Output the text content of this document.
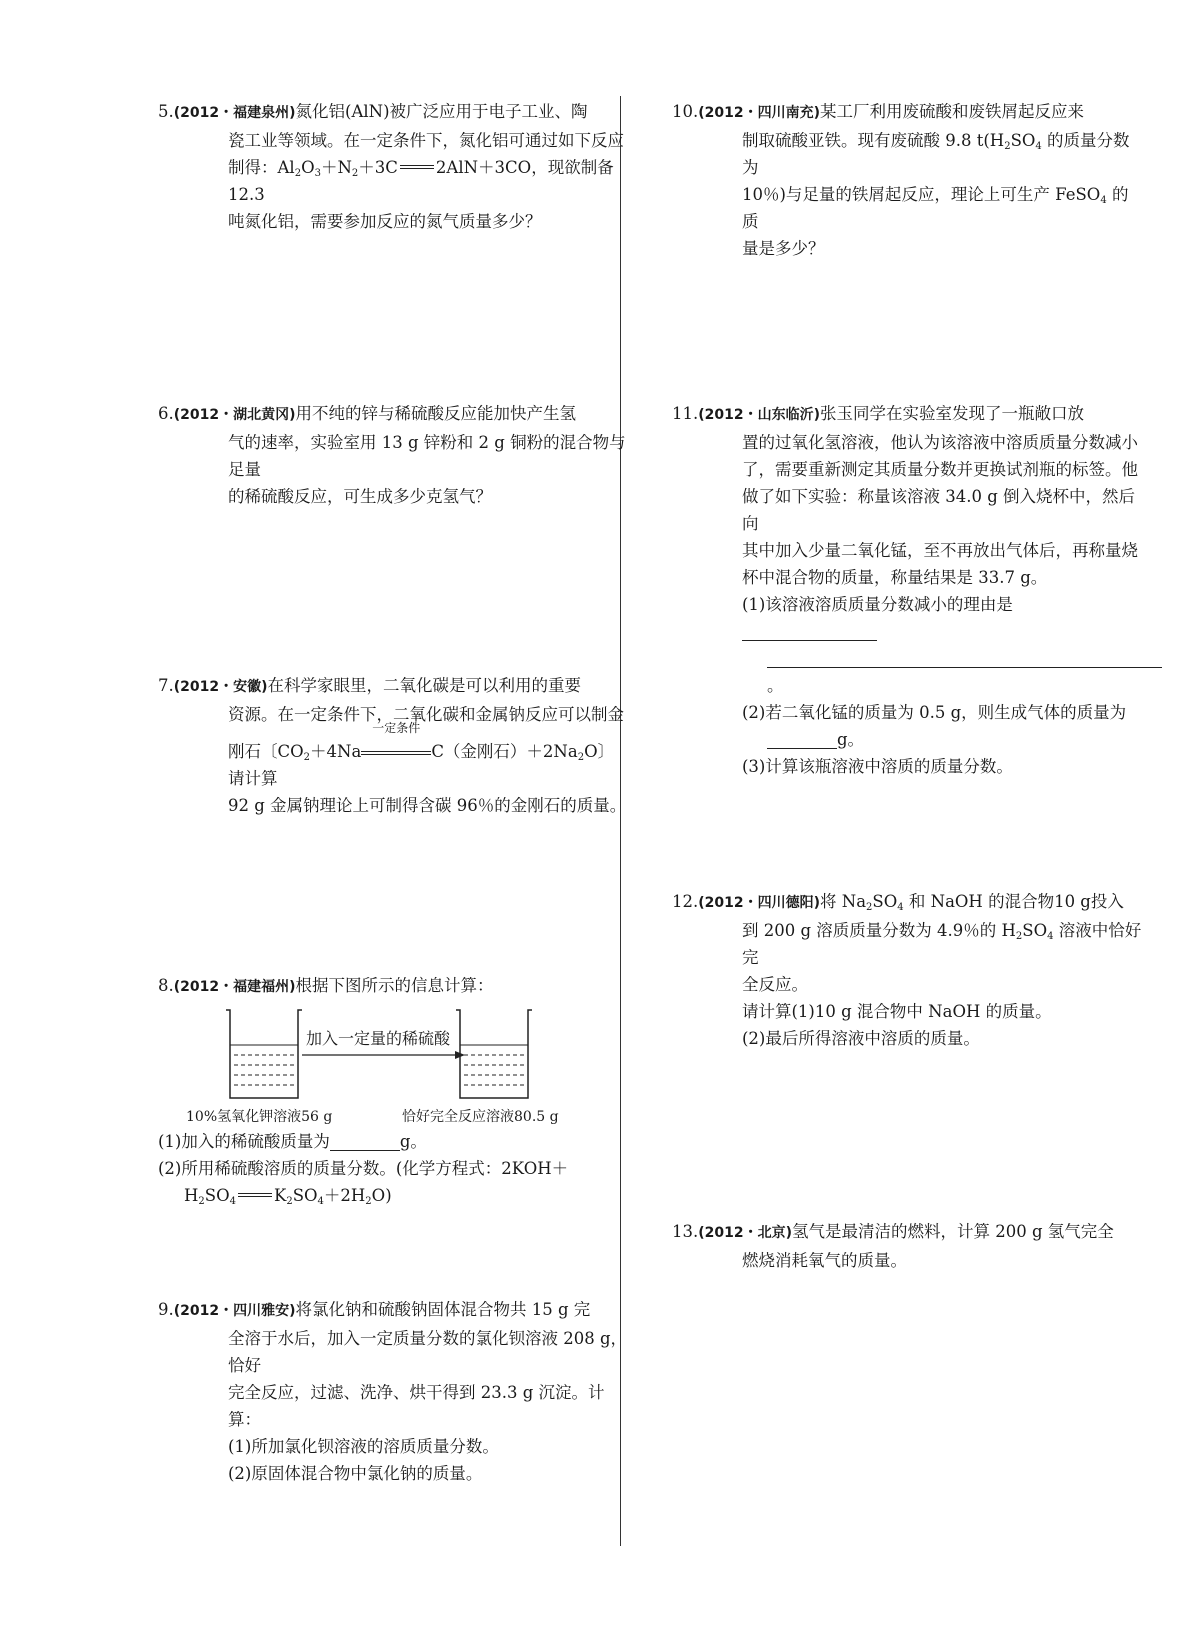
5.(2012・福建泉州)氮化铝(AlN)被广泛应用于电子工业、陶
瓷工业等领域。在一定条件下，氮化铝可通过如下反应
制得：$Al_2O_3+N_2+3C$ 2AlN＋3CO，现欲制备 12.3
吨氮化铝，需要参加反应的氮气质量多少？

6.(2012・湖北黄冈)用不纯的锌与稀硫酸反应能加快产生氢
气的速率，实验室用 13 g 锌粉和 2 g 铜粉的混合物与足量
的稀硫酸反应，可生成多少克氢气？

7.(2012・安徽)在科学家眼里，二氧化碳是可以利用的重要
资源。在一定条件下，二氧化碳和金属钠反应可以制金
刚石〔$CO_2+4Na$
一定条件
C（金刚石）$+2Na_2O$〕请计算
92 g 金属钠理论上可制得含碳 96％的金刚石的质量。

8.(2012・福建福州)根据下图所示的信息计算：

加入一定量的稀硫酸
10%氢氧化钾溶液56 g	恰好完全反应溶液80.5 g

(1)加入的稀硫酸质量为	g。
(2)所用稀硫酸溶质的质量分数。(化学方程式：2KOH＋
$H_2SO_4$ $K_2SO_4+2H_2O$)

9.(2012・四川雅安)将氯化钠和硫酸钠固体混合物共 15 g 完
全溶于水后，加入一定质量分数的氯化钡溶液 208 g，恰好
完全反应，过滤、洗净、烘干得到 23.3 g 沉淀。计算：
(1)所加氯化钡溶液的溶质质量分数。
(2)原固体混合物中氯化钠的质量。

10.(2012・四川南充)某工厂利用废硫酸和废铁屑起反应来
制取硫酸亚铁。现有废硫酸 9.8 $t(H_2SO_4$ 的质量分数为
10％)与足量的铁屑起反应，理论上可生产 FeSO$_4$ 的质
量是多少？

11.(2012・山东临沂)张玉同学在实验室发现了一瓶敞口放
置的过氧化氢溶液，他认为该溶液中溶质质量分数减小
了，需要重新测定其质量分数并更换试剂瓶的标签。他
做了如下实验：称量该溶液 34.0 g 倒入烧杯中，然后向
其中加入少量二氧化锰，至不再放出气体后，再称量烧
杯中混合物的质量，称量结果是 33.7 g。
(1)该溶液溶质质量分数减小的理由是
。
(2)若二氧化锰的质量为 0.5 g，则生成气体的质量为
g。
(3)计算该瓶溶液中溶质的质量分数。

12.(2012・四川德阳)将 $Na_2SO_4$ 和 NaOH 的混合物10 g投入
到 200 g 溶质质量分数为 4.9％的 $H_2SO_4$ 溶液中恰好完
全反应。
请计算(1)10 g 混合物中 NaOH 的质量。
(2)最后所得溶液中溶质的质量。

13.(2012・北京)氢气是最清洁的燃料，计算 200 g 氢气完全
燃烧消耗氧气的质量。
